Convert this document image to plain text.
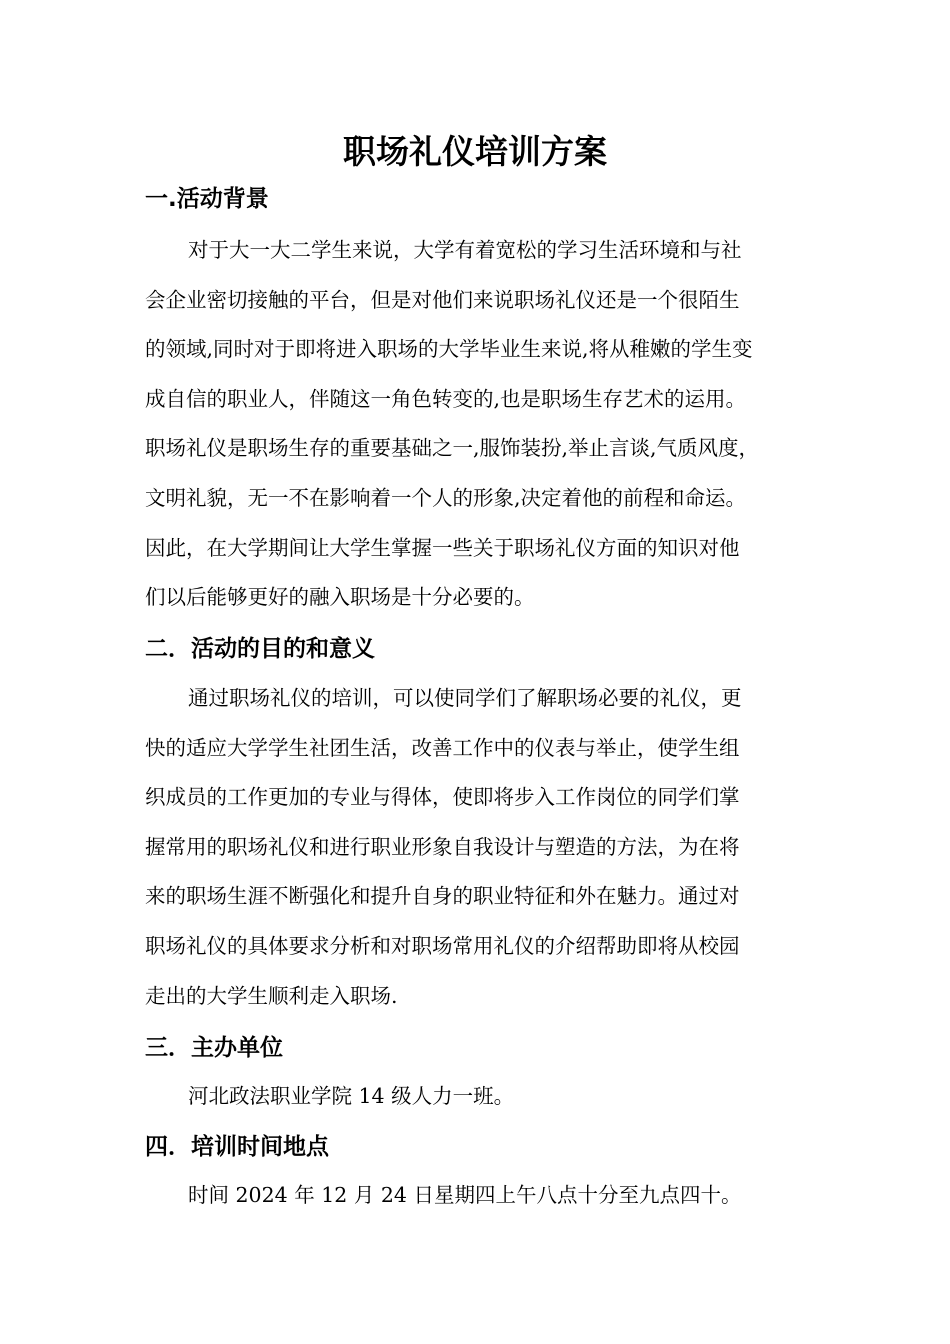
职场礼仪培训方案
一.活动背景
对于大一大二学生来说，大学有着宽松的学习生活环境和与社
会企业密切接触的平台，但是对他们来说职场礼仪还是一个很陌生
的领域,同时对于即将进入职场的大学毕业生来说,将从稚嫩的学生变
成自信的职业人，伴随这一角色转变的,也是职场生存艺术的运用。
职场礼仪是职场生存的重要基础之一,服饰装扮,举止言谈,气质风度，
文明礼貌，无一不在影响着一个人的形象,决定着他的前程和命运。
因此，在大学期间让大学生掌握一些关于职场礼仪方面的知识对他
们以后能够更好的融入职场是十分必要的。
二．活动的目的和意义
通过职场礼仪的培训，可以使同学们了解职场必要的礼仪，更
快的适应大学学生社团生活，改善工作中的仪表与举止，使学生组
织成员的工作更加的专业与得体，使即将步入工作岗位的同学们掌
握常用的职场礼仪和进行职业形象自我设计与塑造的方法，为在将
来的职场生涯不断强化和提升自身的职业特征和外在魅力。通过对
职场礼仪的具体要求分析和对职场常用礼仪的介绍帮助即将从校园
走出的大学生顺利走入职场.
三．主办单位
河北政法职业学院 14 级人力一班。
四．培训时间地点
时间 2024 年 12 月 24 日星期四上午八点十分至九点四十。
